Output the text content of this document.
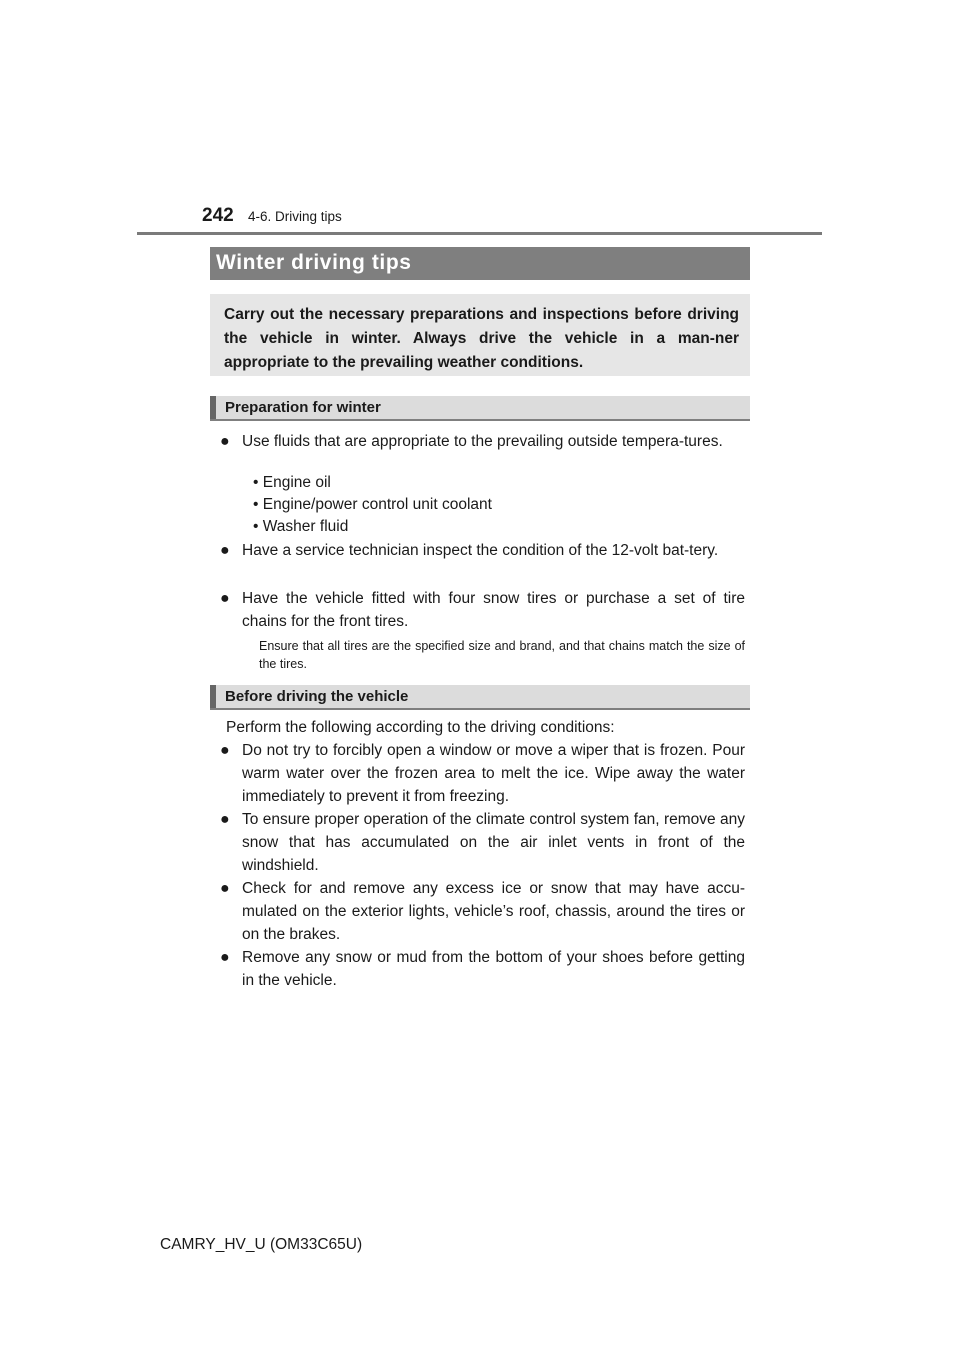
242 4-6. Driving tips
Winter driving tips
Carry out the necessary preparations and inspections before driving the vehicle in winter. Always drive the vehicle in a man-ner appropriate to the prevailing weather conditions.
Preparation for winter
● Use fluids that are appropriate to the prevailing outside tempera-tures.
• Engine oil
• Engine/power control unit coolant
• Washer fluid
● Have a service technician inspect the condition of the 12-volt bat-tery.
● Have the vehicle fitted with four snow tires or purchase a set of tire chains for the front tires.
Ensure that all tires are the specified size and brand, and that chains match the size of the tires.
Before driving the vehicle
Perform the following according to the driving conditions:
● Do not try to forcibly open a window or move a wiper that is frozen. Pour warm water over the frozen area to melt the ice. Wipe away the water immediately to prevent it from freezing.
● To ensure proper operation of the climate control system fan, remove any snow that has accumulated on the air inlet vents in front of the windshield.
● Check for and remove any excess ice or snow that may have accu-mulated on the exterior lights, vehicle’s roof, chassis, around the tires or on the brakes.
● Remove any snow or mud from the bottom of your shoes before getting in the vehicle.
CAMRY_HV_U (OM33C65U)
